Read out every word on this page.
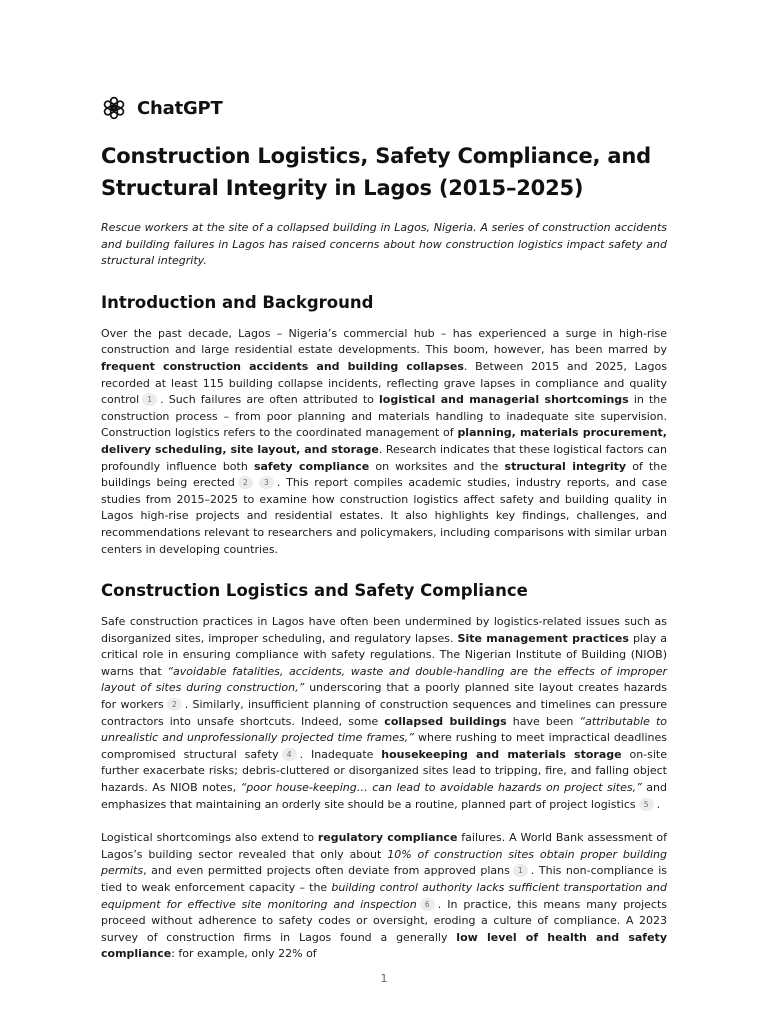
ChatGPT
Construction Logistics, Safety Compliance, and Structural Integrity in Lagos (2015–2025)

Rescue workers at the site of a collapsed building in Lagos, Nigeria. A series of construction accidents and building failures in Lagos has raised concerns about how construction logistics impact safety and structural integrity.

Introduction and Background

Over the past decade, Lagos – Nigeria’s commercial hub – has experienced a surge in high-rise construction and large residential estate developments. This boom, however, has been marred by frequent construction accidents and building collapses. Between 2015 and 2025, Lagos recorded at least 115 building collapse incidents, reflecting grave lapses in compliance and quality control 1 . Such failures are often attributed to logistical and managerial shortcomings in the construction process – from poor planning and materials handling to inadequate site supervision. Construction logistics refers to the coordinated management of planning, materials procurement, delivery scheduling, site layout, and storage. Research indicates that these logistical factors can profoundly influence both safety compliance on worksites and the structural integrity of the buildings being erected 2 3 . This report compiles academic studies, industry reports, and case studies from 2015–2025 to examine how construction logistics affect safety and building quality in Lagos high-rise projects and residential estates. It also highlights key findings, challenges, and recommendations relevant to researchers and policymakers, including comparisons with similar urban centers in developing countries.

Construction Logistics and Safety Compliance

Safe construction practices in Lagos have often been undermined by logistics-related issues such as disorganized sites, improper scheduling, and regulatory lapses. Site management practices play a critical role in ensuring compliance with safety regulations. The Nigerian Institute of Building (NIOB) warns that “avoidable fatalities, accidents, waste and double-handling are the effects of improper layout of sites during construction,” underscoring that a poorly planned site layout creates hazards for workers 2 . Similarly, insufficient planning of construction sequences and timelines can pressure contractors into unsafe shortcuts. Indeed, some collapsed buildings have been “attributable to unrealistic and unprofessionally projected time frames,” where rushing to meet impractical deadlines compromised structural safety 4 . Inadequate housekeeping and materials storage on-site further exacerbate risks; debris-cluttered or disorganized sites lead to tripping, fire, and falling object hazards. As NIOB notes, “poor house-keeping… can lead to avoidable hazards on project sites,” and emphasizes that maintaining an orderly site should be a routine, planned part of project logistics 5 .

Logistical shortcomings also extend to regulatory compliance failures. A World Bank assessment of Lagos’s building sector revealed that only about 10% of construction sites obtain proper building permits, and even permitted projects often deviate from approved plans 1 . This non-compliance is tied to weak enforcement capacity – the building control authority lacks sufficient transportation and equipment for effective site monitoring and inspection 6 . In practice, this means many projects proceed without adherence to safety codes or oversight, eroding a culture of compliance. A 2023 survey of construction firms in Lagos found a generally low level of health and safety compliance: for example, only 22% of

1
